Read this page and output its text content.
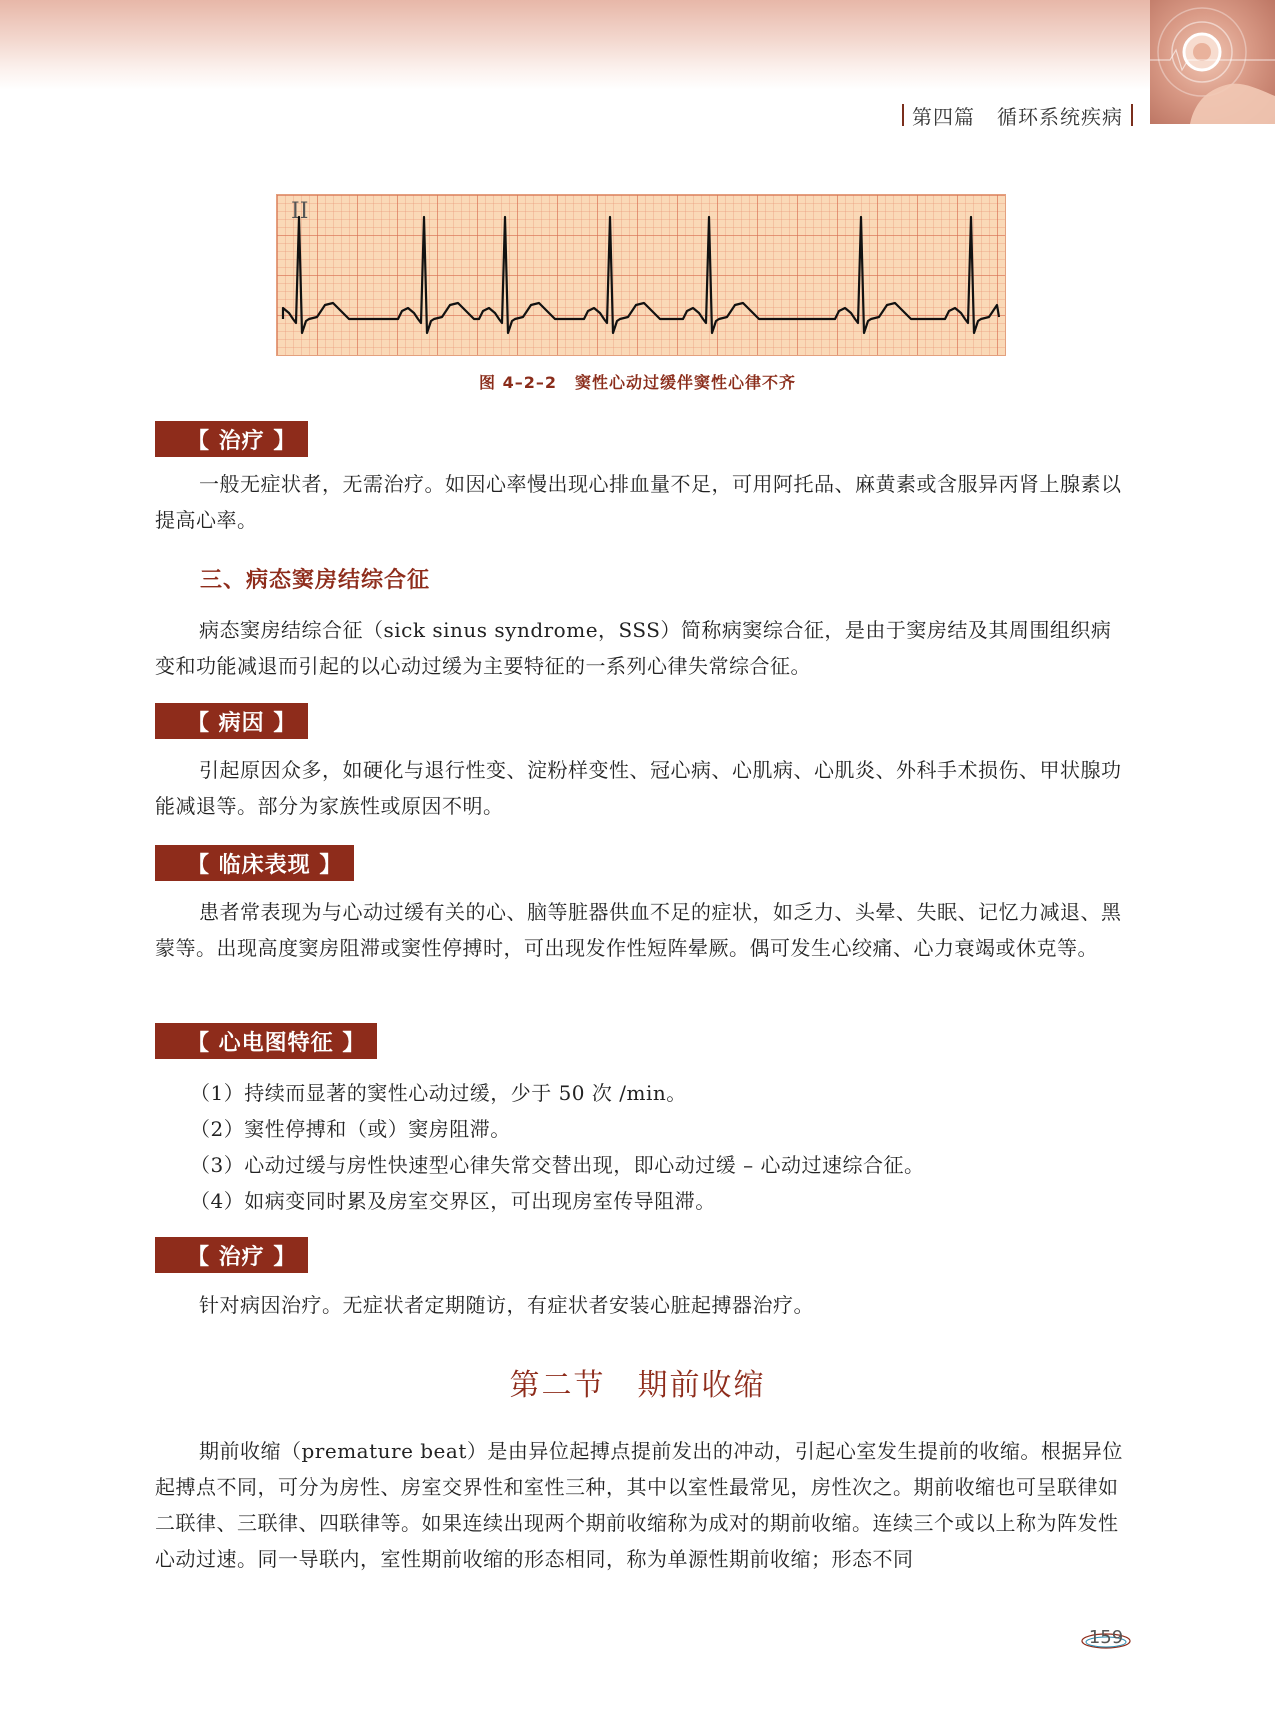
第四篇 循环系统疾病
II
图 4–2–2 窦性心动过缓伴窦性心律不齐
【 治疗 】

一般无症状者，无需治疗。如因心率慢出现心排血量不足，可用阿托品、麻黄素或含服异丙肾上腺素以提高心率。

三、病态窦房结综合征

病态窦房结综合征（sick sinus syndrome，SSS）简称病窦综合征，是由于窦房结及其周围组织病变和功能减退而引起的以心动过缓为主要特征的一系列心律失常综合征。

【 病因 】

引起原因众多，如硬化与退行性变、淀粉样变性、冠心病、心肌病、心肌炎、外科手术损伤、甲状腺功能减退等。部分为家族性或原因不明。

【 临床表现 】

患者常表现为与心动过缓有关的心、脑等脏器供血不足的症状，如乏力、头晕、失眠、记忆力减退、黑蒙等。出现高度窦房阻滞或窦性停搏时，可出现发作性短阵晕厥。偶可发生心绞痛、心力衰竭或休克等。

【 心电图特征 】
（1）持续而显著的窦性心动过缓，少于 50 次 /min。
（2）窦性停搏和（或）窦房阻滞。
（3）心动过缓与房性快速型心律失常交替出现，即心动过缓 – 心动过速综合征。
（4）如病变同时累及房室交界区，可出现房室传导阻滞。
【 治疗 】

针对病因治疗。无症状者定期随访，有症状者安装心脏起搏器治疗。

第二节 期前收缩

期前收缩（premature beat）是由异位起搏点提前发出的冲动，引起心室发生提前的收缩。根据异位起搏点不同，可分为房性、房室交界性和室性三种，其中以室性最常见，房性次之。期前收缩也可呈联律如二联律、三联律、四联律等。如果连续出现两个期前收缩称为成对的期前收缩。连续三个或以上称为阵发性心动过速。同一导联内，室性期前收缩的形态相同，称为单源性期前收缩；形态不同

159
